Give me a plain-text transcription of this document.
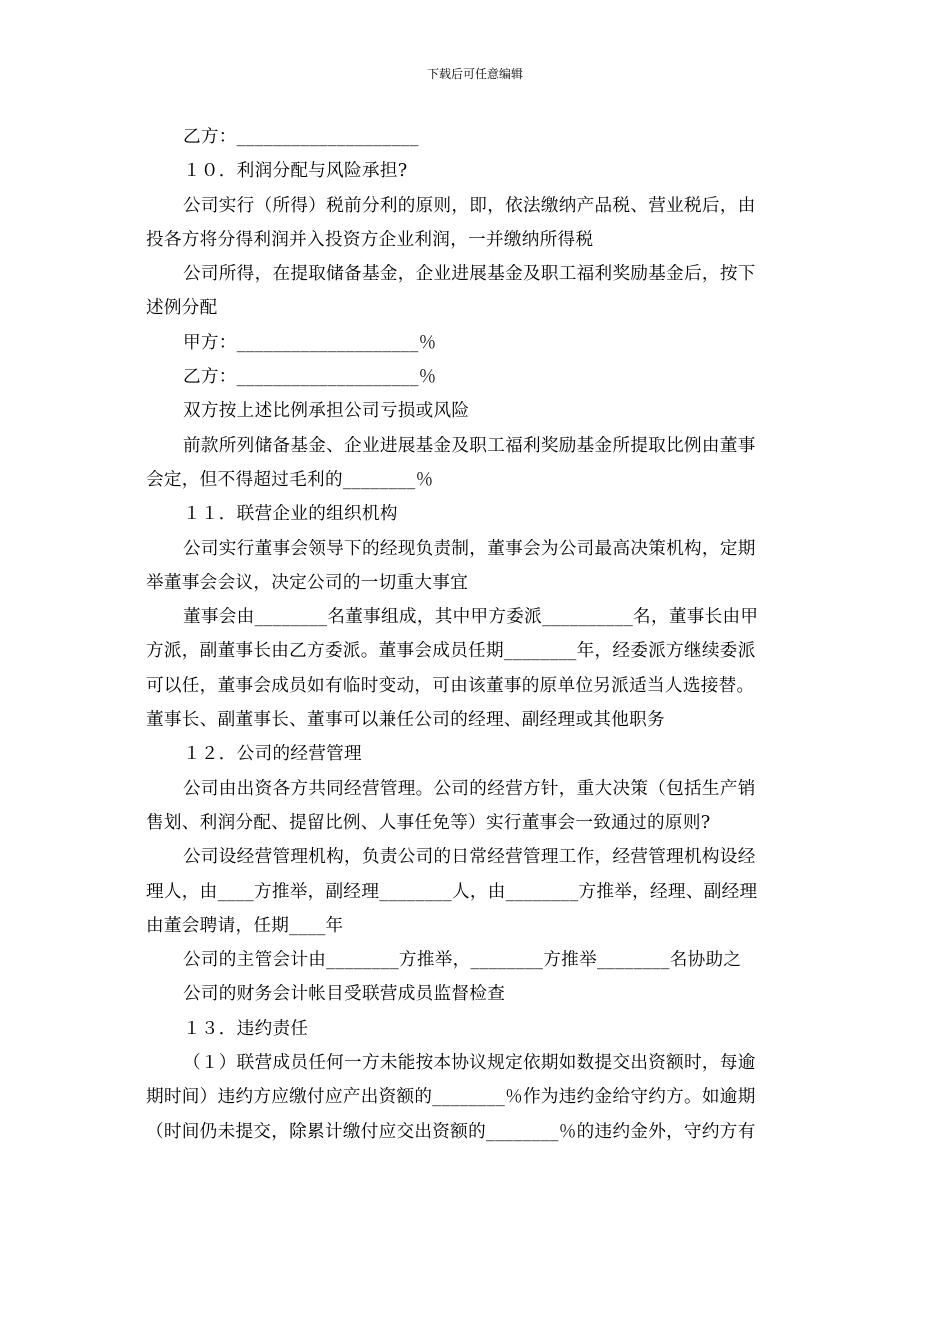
下载后可任意编辑
乙方：____________________
１０．利润分配与风险承担?
公司实行（所得）税前分利的原则，即，依法缴纳产品税、营业税后，由
投各方将分得利润并入投资方企业利润，一并缴纳所得税
公司所得，在提取储备基金，企业进展基金及职工福利奖励基金后，按下
述例分配
甲方：____________________％
乙方：____________________％
双方按上述比例承担公司亏损或风险
前款所列储备基金、企业进展基金及职工福利奖励基金所提取比例由董事
会定，但不得超过毛利的________％
１１．联营企业的组织机构
公司实行董事会领导下的经现负责制，董事会为公司最高决策机构，定期
举董事会会议，决定公司的一切重大事宜
董事会由________名董事组成，其中甲方委派__________名，董事长由甲
方派，副董事长由乙方委派。董事会成员任期________年，经委派方继续委派
可以任，董事会成员如有临时变动，可由该董事的原单位另派适当人选接替。
董事长、副董事长、董事可以兼任公司的经理、副经理或其他职务
１２．公司的经营管理
公司由出资各方共同经营管理。公司的经营方针，重大决策（包括生产销
售划、利润分配、提留比例、人事任免等）实行董事会一致通过的原则?
公司设经营管理机构，负责公司的日常经营管理工作，经营管理机构设经
理人，由____方推举，副经理________人，由________方推举，经理、副经理
由董会聘请，任期____年
公司的主管会计由________方推举，________方推举________名协助之
公司的财务会计帐目受联营成员监督检查
１３．违约责任
（１）联营成员任何一方未能按本协议规定依期如数提交出资额时，每逾
期时间）违约方应缴付应产出资额的________％作为违约金给守约方。如逾期
（时间仍未提交，除累计缴付应交出资额的________％的违约金外，守约方有
